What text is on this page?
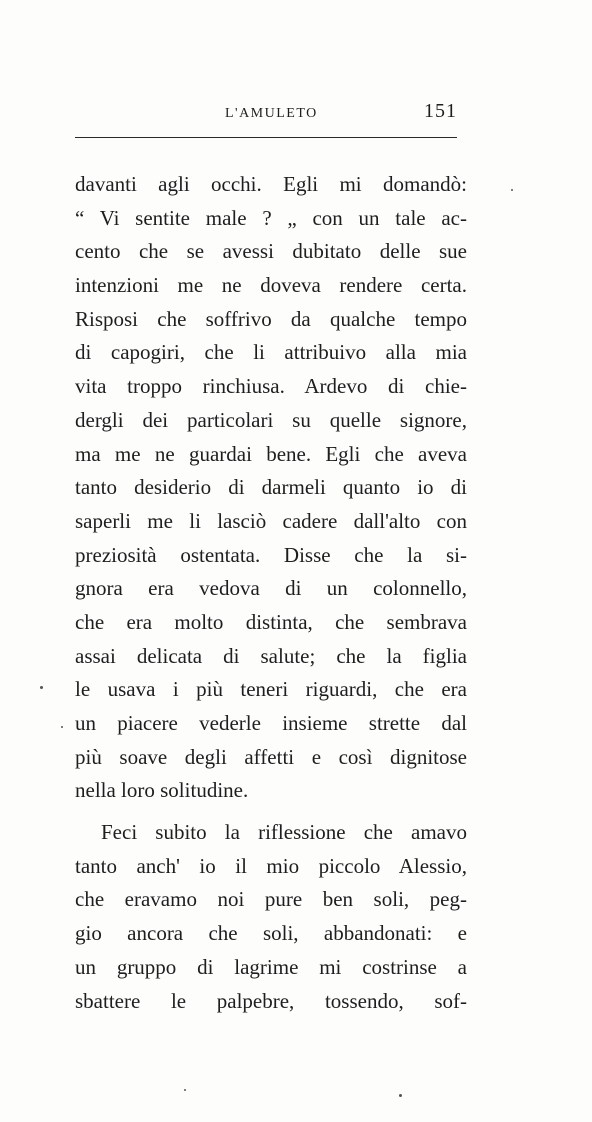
L'AMULETO	151
davanti agli occhi. Egli mi domandò:
“ Vi sentite male ? „ con un tale ac-
cento che se avessi dubitato delle sue
intenzioni me ne doveva rendere certa.
Risposi che soffrivo da qualche tempo
di capogiri, che li attribuivo alla mia
vita troppo rinchiusa. Ardevo di chie-
dergli dei particolari su quelle signore,
ma me ne guardai bene. Egli che aveva
tanto desiderio di darmeli quanto io di
saperli me li lasciò cadere dall'alto con
preziosità ostentata. Disse che la si-
gnora era vedova di un colonnello,
che era molto distinta, che sembrava
assai delicata di salute; che la figlia
le usava i più teneri riguardi, che era
un piacere vederle insieme strette dal
più soave degli affetti e così dignitose
nella loro solitudine.
Feci subito la riflessione che amavo
tanto anch' io il mio piccolo Alessio,
che eravamo noi pure ben soli, peg-
gio ancora che soli, abbandonati: e
un gruppo di lagrime mi costrinse a
sbattere le palpebre, tossendo, sof-
